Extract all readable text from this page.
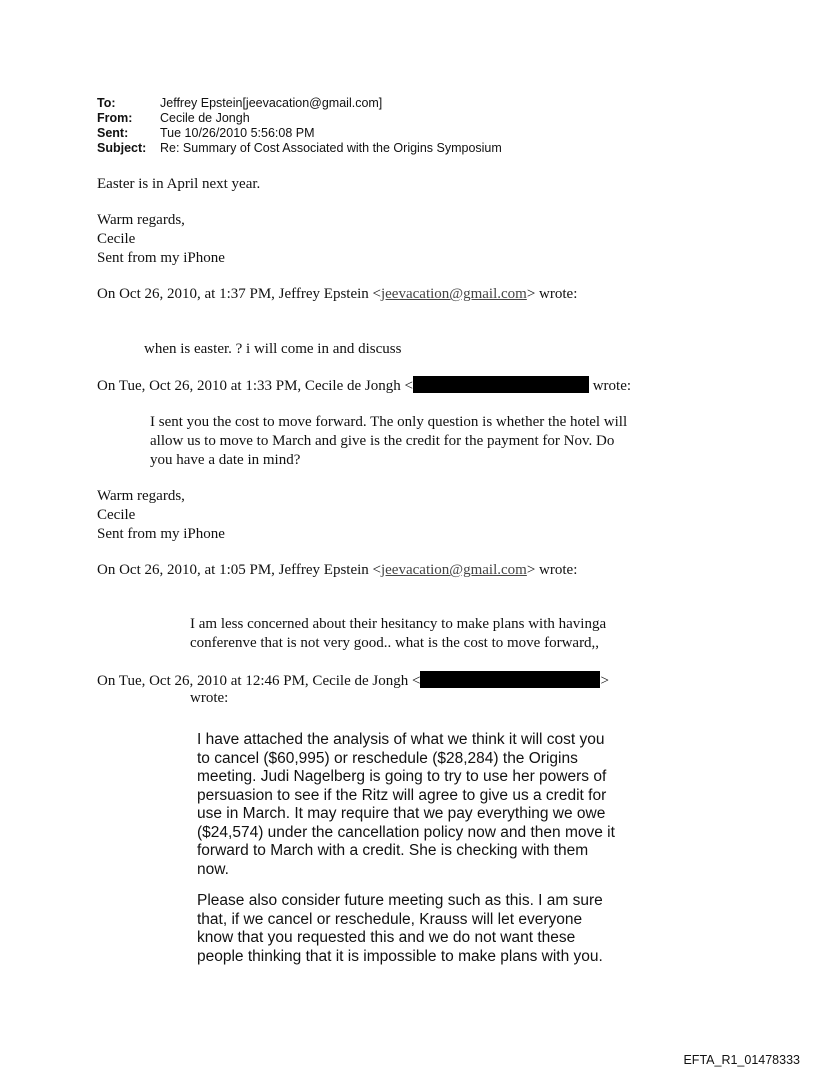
To:	Jeffrey Epstein[jeevacation@gmail.com]
From:	Cecile de Jongh
Sent:	Tue 10/26/2010 5:56:08 PM
Subject:	Re: Summary of Cost Associated with the Origins Symposium
Easter is in April next year.
Warm regards,
Cecile
Sent from my iPhone
On Oct 26, 2010, at 1:37 PM, Jeffrey Epstein <jeevacation@gmail.com> wrote:
when is easter. ? i will come in and discuss
On Tue, Oct 26, 2010 at 1:33 PM, Cecile de Jongh <	wrote:
I sent you the cost to move forward. The only question is whether the hotel will
allow us to move to March and give is the credit for the payment for Nov. Do
you have a date in mind?
Warm regards,
Cecile
Sent from my iPhone
On Oct 26, 2010, at 1:05 PM, Jeffrey Epstein <jeevacation@gmail.com> wrote:
I am less concerned about their hesitancy to make plans with havinga
conferenve that is not very good.. what is the cost to move forward,,
On Tue, Oct 26, 2010 at 12:46 PM, Cecile de Jongh <	>
wrote:
I have attached the analysis of what we think it will cost you
to cancel ($60,995) or reschedule ($28,284) the Origins
meeting. Judi Nagelberg is going to try to use her powers of
persuasion to see if the Ritz will agree to give us a credit for
use in March. It may require that we pay everything we owe
($24,574) under the cancellation policy now and then move it
forward to March with a credit. She is checking with them
now.
Please also consider future meeting such as this. I am sure
that, if we cancel or reschedule, Krauss will let everyone
know that you requested this and we do not want these
people thinking that it is impossible to make plans with you.
EFTA_R1_01478333
